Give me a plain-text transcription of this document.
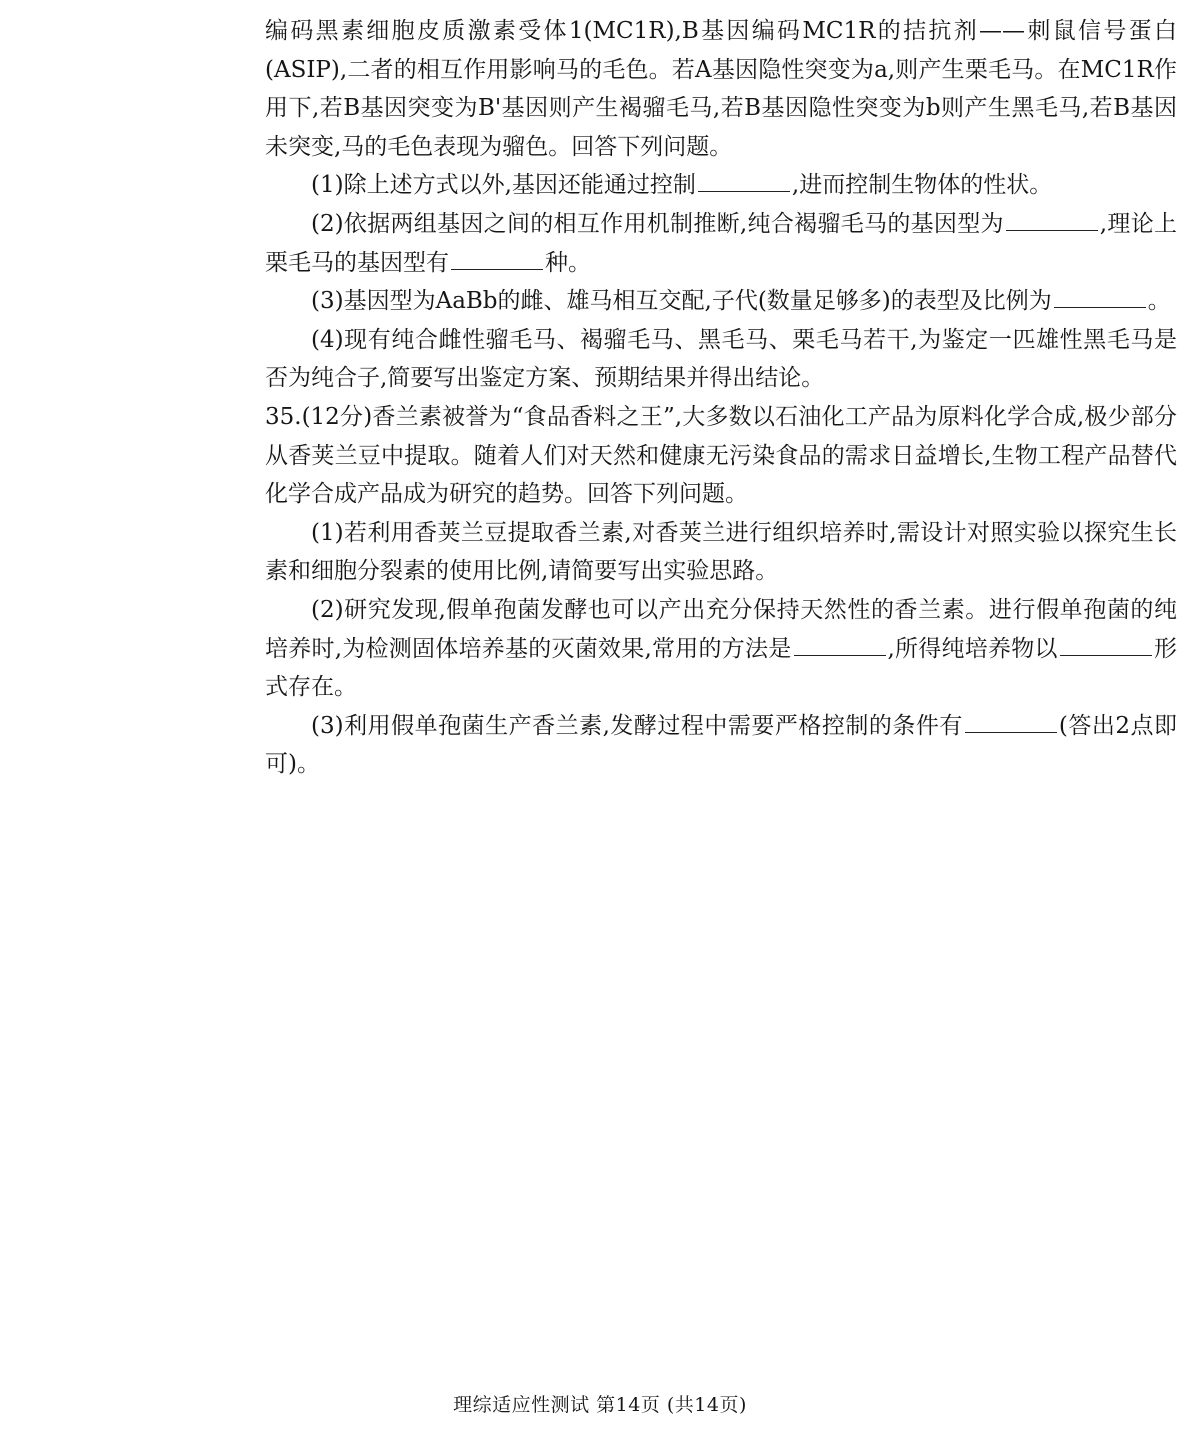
编码黑素细胞皮质激素受体1(MC1R),B基因编码MC1R的拮抗剂——刺鼠信号蛋白(ASIP),二者的相互作用影响马的毛色。若A基因隐性突变为a,则产生栗毛马。在MC1R作用下,若B基因突变为B'基因则产生褐骝毛马,若B基因隐性突变为b则产生黑毛马,若B基因未突变,马的毛色表现为骝色。回答下列问题。

(1)除上述方式以外,基因还能通过控制	,进而控制生物体的性状。

(2)依据两组基因之间的相互作用机制推断,纯合褐骝毛马的基因型为	,理论上栗毛马的基因型有	种。

(3)基因型为AaBb的雌、雄马相互交配,子代(数量足够多)的表型及比例为	。

(4)现有纯合雌性骝毛马、褐骝毛马、黑毛马、栗毛马若干,为鉴定一匹雄性黑毛马是否为纯合子,简要写出鉴定方案、预期结果并得出结论。

35.(12分)香兰素被誉为“食品香料之王”,大多数以石油化工产品为原料化学合成,极少部分从香荚兰豆中提取。随着人们对天然和健康无污染食品的需求日益增长,生物工程产品替代化学合成产品成为研究的趋势。回答下列问题。

(1)若利用香荚兰豆提取香兰素,对香荚兰进行组织培养时,需设计对照实验以探究生长素和细胞分裂素的使用比例,请简要写出实验思路。

(2)研究发现,假单孢菌发酵也可以产出充分保持天然性的香兰素。进行假单孢菌的纯培养时,为检测固体培养基的灭菌效果,常用的方法是	,所得纯培养物以	形式存在。

(3)利用假单孢菌生产香兰素,发酵过程中需要严格控制的条件有	(答出2点即可)。

理综适应性测试 第14页 (共14页)
